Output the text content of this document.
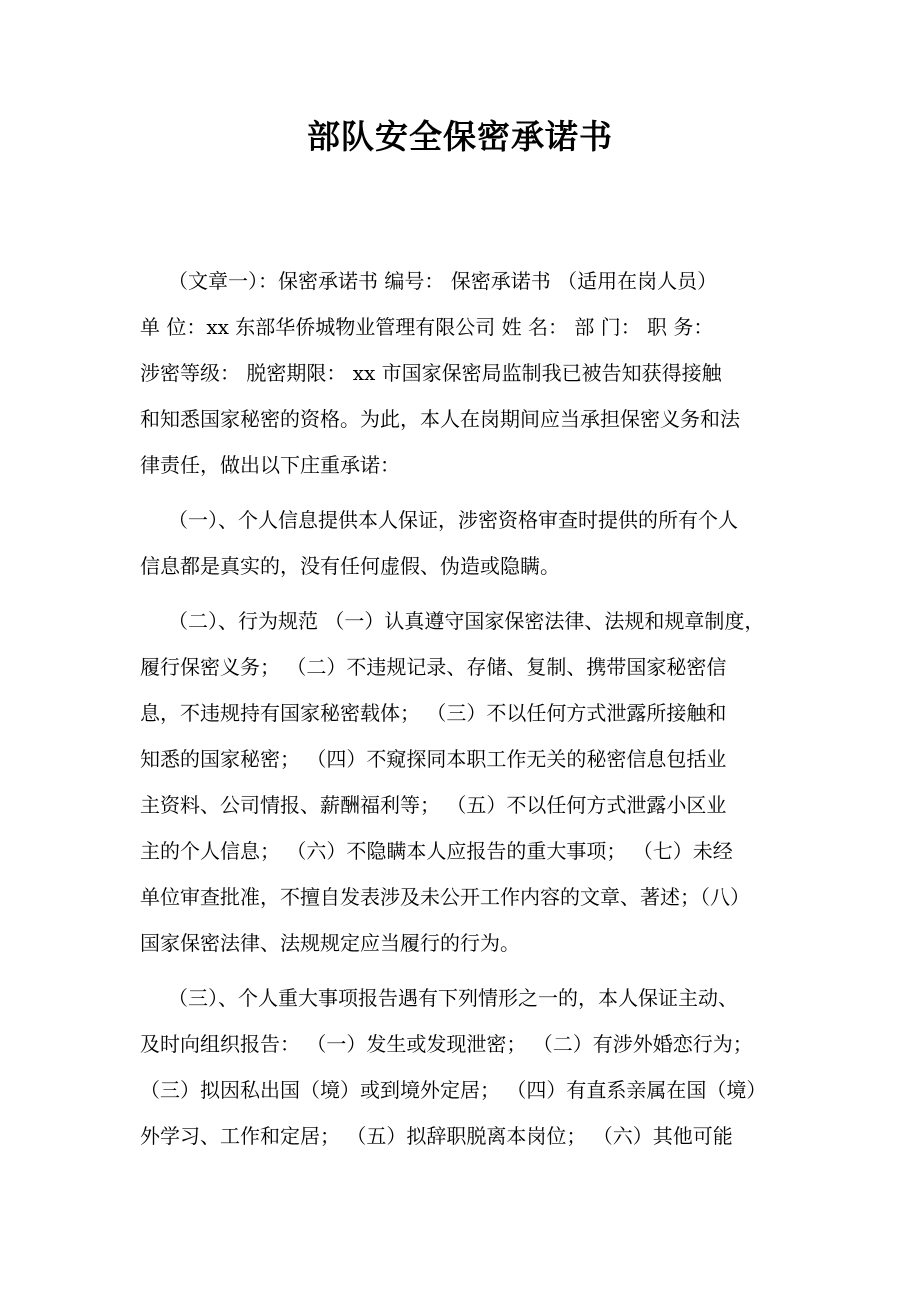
部队安全保密承诺书
（文章一）：保密承诺书 编号： 保密承诺书 （适用在岗人员）
单 位：xx 东部华侨城物业管理有限公司 姓 名： 部 门： 职 务：
涉密等级： 脱密期限： xx 市国家保密局监制我已被告知获得接触
和知悉国家秘密的资格。为此，本人在岗期间应当承担保密义务和法
律责任，做出以下庄重承诺：
（一）、个人信息提供本人保证，涉密资格审查时提供的所有个人
信息都是真实的，没有任何虚假、伪造或隐瞒。
（二）、行为规范 （一）认真遵守国家保密法律、法规和规章制度，
履行保密义务； （二）不违规记录、存储、复制、携带国家秘密信
息，不违规持有国家秘密载体； （三）不以任何方式泄露所接触和
知悉的国家秘密； （四）不窥探同本职工作无关的秘密信息包括业
主资料、公司情报、薪酬福利等； （五）不以任何方式泄露小区业
主的个人信息； （六）不隐瞒本人应报告的重大事项； （七）未经
单位审查批准，不擅自发表涉及未公开工作内容的文章、著述；（八）
国家保密法律、法规规定应当履行的行为。
（三）、个人重大事项报告遇有下列情形之一的，本人保证主动、
及时向组织报告： （一）发生或发现泄密； （二）有涉外婚恋行为；
（三）拟因私出国（境）或到境外定居； （四）有直系亲属在国（境）
外学习、工作和定居； （五）拟辞职脱离本岗位； （六）其他可能
